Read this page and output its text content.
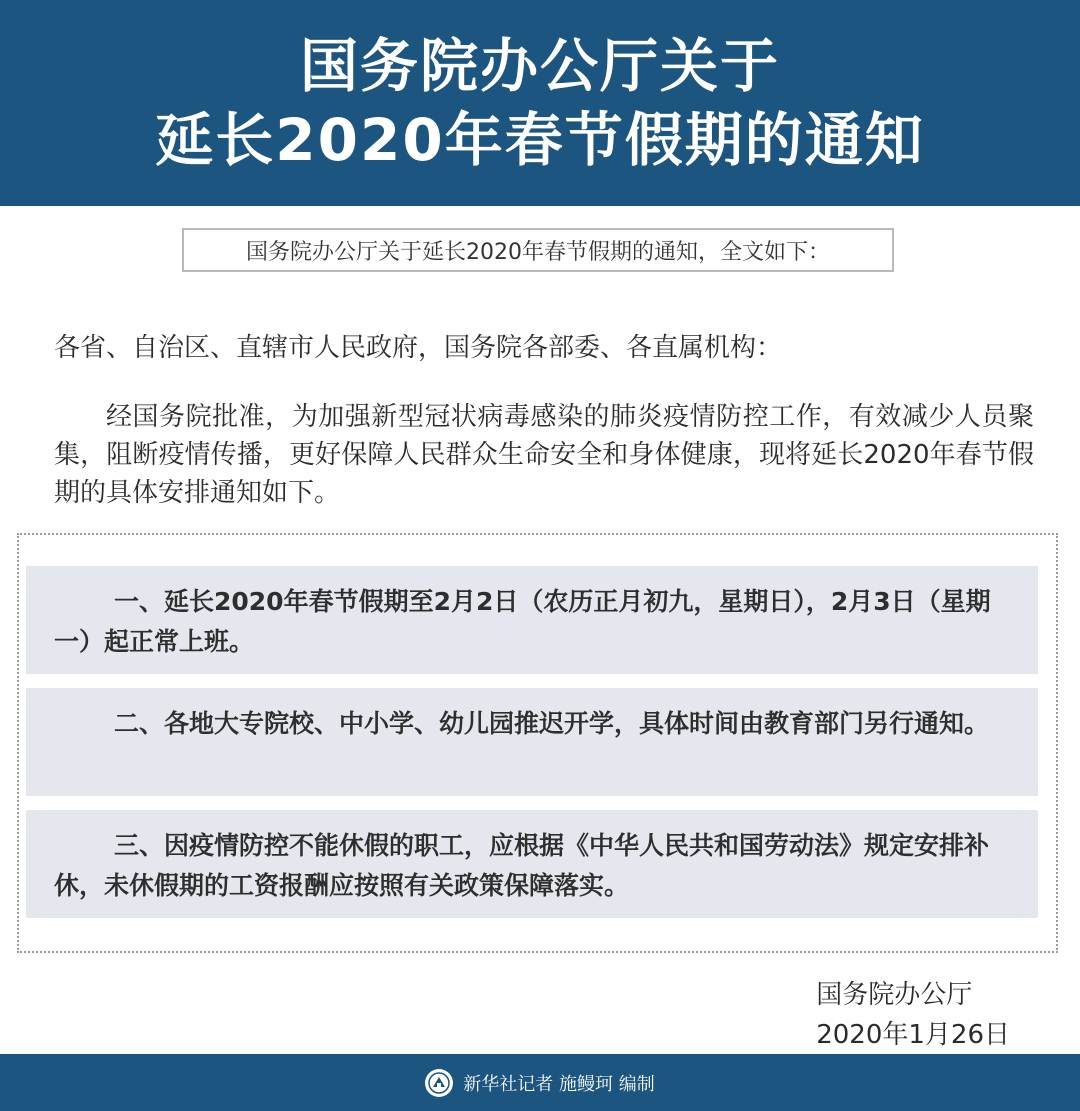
国务院办公厅关于
延长2020年春节假期的通知
国务院办公厅关于延长2020年春节假期的通知，全文如下：
各省、自治区、直辖市人民政府，国务院各部委、各直属机构：
经国务院批准，为加强新型冠状病毒感染的肺炎疫情防控工作，有效减少人员聚集，阻断疫情传播，更好保障人民群众生命安全和身体健康，现将延长2020年春节假期的具体安排通知如下。
一、延长2020年春节假期至2月2日（农历正月初九，星期日），2月3日（星期一）起正常上班。
二、各地大专院校、中小学、幼儿园推迟开学，具体时间由教育部门另行通知。
三、因疫情防控不能休假的职工，应根据《中华人民共和国劳动法》规定安排补休，未休假期的工资报酬应按照有关政策保障落实。
国务院办公厅
2020年1月26日
新华社记者 施鳗珂 编制
